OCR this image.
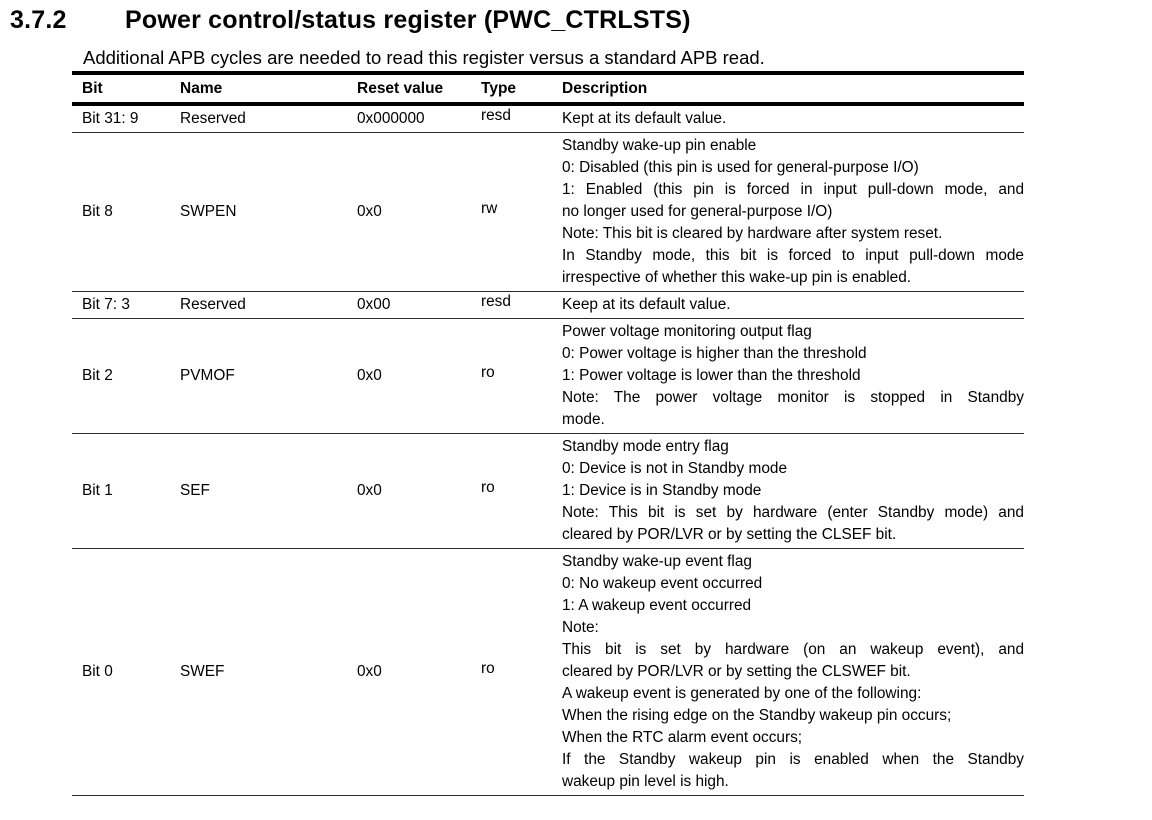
3.7.2 Power control/status register (PWC_CTRLSTS)

Additional APB cycles are needed to read this register versus a standard APB read.

Bit	Name	Reset value	Type	Description
Bit 31: 9	Reserved	0x000000	resd	Kept at its default value.

Bit 8	SWPEN	0x0	rw	
Standby wake-up pin enable
0: Disabled (this pin is used for general-purpose I/O)
1: Enabled (this pin is forced in input pull-down mode, and
no longer used for general-purpose I/O)
Note: This bit is cleared by hardware after system reset.
In Standby mode, this bit is forced to input pull-down mode
irrespective of whether this wake-up pin is enabled.

Bit 7: 3	Reserved	0x00	resd	Keep at its default value.

Bit 2	PVMOF	0x0	ro	Power voltage monitoring output flag
0: Power voltage is higher than the threshold
1: Power voltage is lower than the threshold
Note: The power voltage monitor is stopped in Standby
mode.

Bit 1	SEF	0x0	ro	Standby mode entry flag
0: Device is not in Standby mode
1: Device is in Standby mode
Note: This bit is set by hardware (enter Standby mode) and
cleared by POR/LVR or by setting the CLSEF bit.

Bit 0	SWEF	0x0	ro	
Standby wake-up event flag
0: No wakeup event occurred
1: A wakeup event occurred
Note:
This bit is set by hardware (on an wakeup event), and
cleared by POR/LVR or by setting the CLSWEF bit.
A wakeup event is generated by one of the following:
When the rising edge on the Standby wakeup pin occurs;
When the RTC alarm event occurs;
If the Standby wakeup pin is enabled when the Standby
wakeup pin level is high.
